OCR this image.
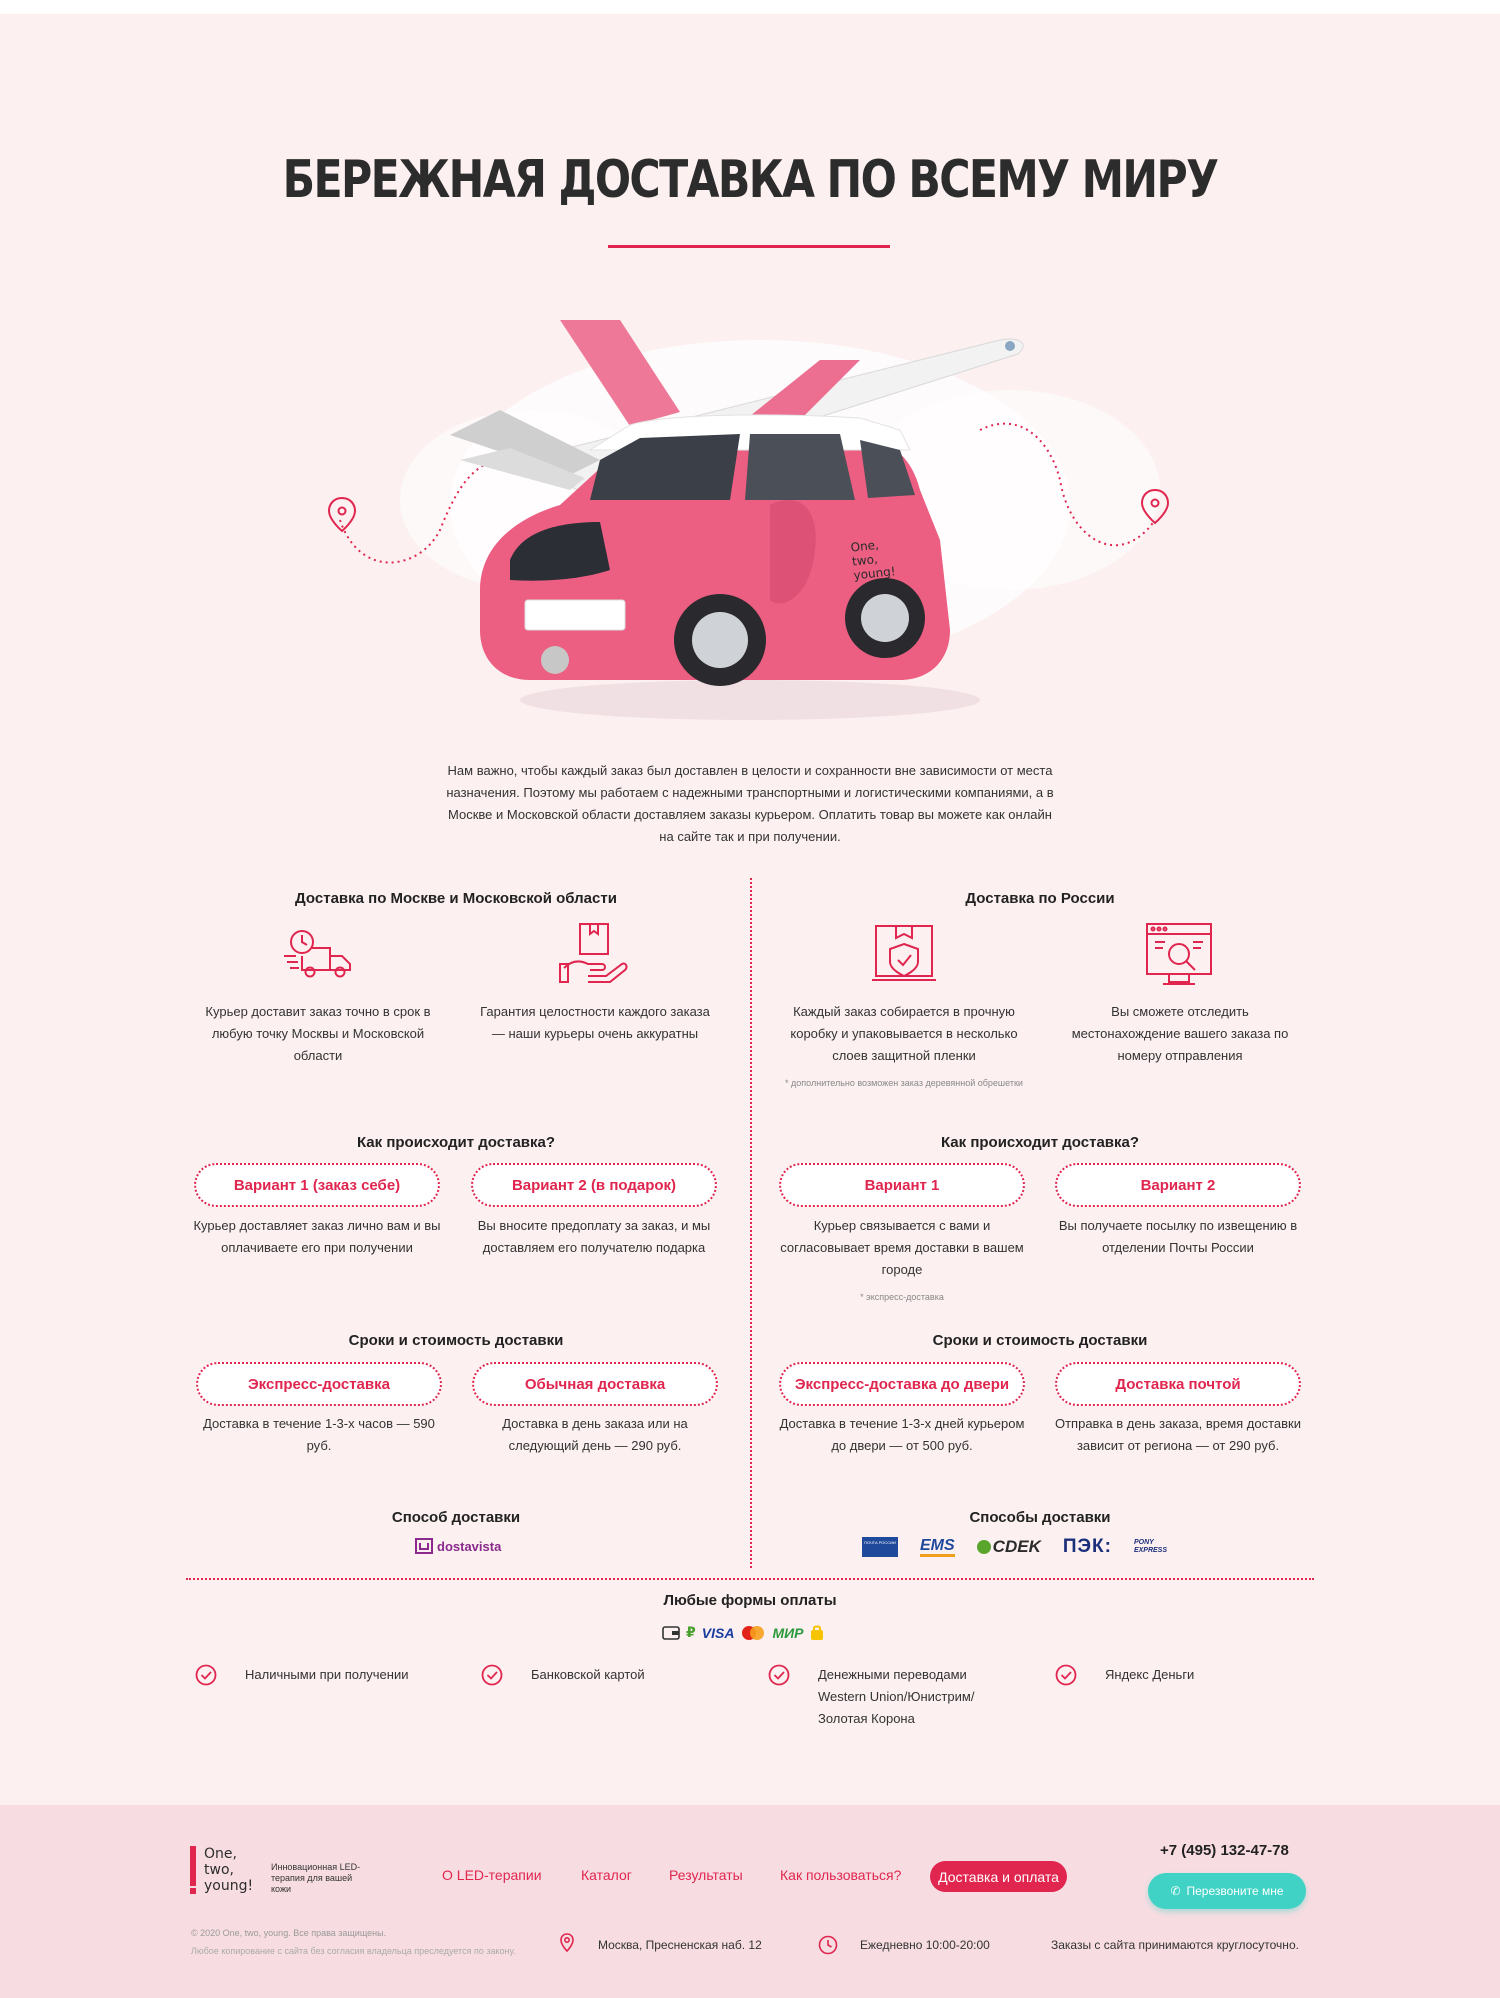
БЕРЕЖНАЯ ДОСТАВКА ПО ВСЕМУ МИРУ
One, two, young!

Нам важно, чтобы каждый заказ был доставлен в целости и сохранности вне зависимости от места назначения. Поэтому мы работаем с надежными транспортными и логистическими компаниями, а в Москве и Московской области доставляем заказы курьером. Оплатить товар вы можете как онлайн на сайте так и при получении.

Доставка по Москве и Московской области
Курьер доставит заказ точно в срок в любую точку Москвы и Московской области
Гарантия целостности каждого заказа — наши курьеры очень аккуратны
Как происходит доставка?
Вариант 1 (заказ себе)	Вариант 2 (в подарок)
Курьер доставляет заказ лично вам и вы оплачиваете его при получении
Вы вносите предоплату за заказ, и мы доставляем его получателю подарка
Сроки и стоимость доставки
Экспресс-доставка	Обычная доставка
Доставка в течение 1-3-х часов — 590 руб.
Доставка в день заказа или на следующий день — 290 руб.
Способ доставки
dostavista
Доставка по России
Каждый заказ собирается в прочную коробку и упаковывается в несколько слоев защитной пленки
* дополнительно возможен заказ деревянной обрешетки
Вы сможете отследить местонахождение вашего заказа по номеру отправления
Как происходит доставка?
Вариант 1	Вариант 2
Курьер связывается с вами и согласовывает время доставки в вашем городе
* экспресс-доставка
Вы получаете посылку по извещению в отделении Почты России
Сроки и стоимость доставки
Экспресс-доставка до двери	Доставка почтой
Доставка в течение 1-3-х дней курьером до двери — от 500 руб.
Отправка в день заказа, время доставки зависит от региона — от 290 руб.
Способы доставки
ПОЧТА РОССИИ EMS CDEK ПЭК:	PONY EXPRESS
Любые формы оплаты
₽ VISA	МИР
Наличными при получении	Банковской картой	Денежными переводами Western Union/Юнистрим/ Золотая Корона
Яндекс Деньги
One,
two,
young!
Инновационная LED-терапия для вашей кожи
О LED-терапии	Каталог	Результаты	Как пользоваться?	Доставка и оплата
+7 (495) 132-47-78
✆ Перезвоните мне
© 2020 One, two, young. Все права защищены.
Любое копирование с сайта без согласия владельца преследуется по закону.	Москва, Пресненская наб. 12	Ежедневно 10:00-20:00	Заказы с сайта принимаются круглосуточно.
